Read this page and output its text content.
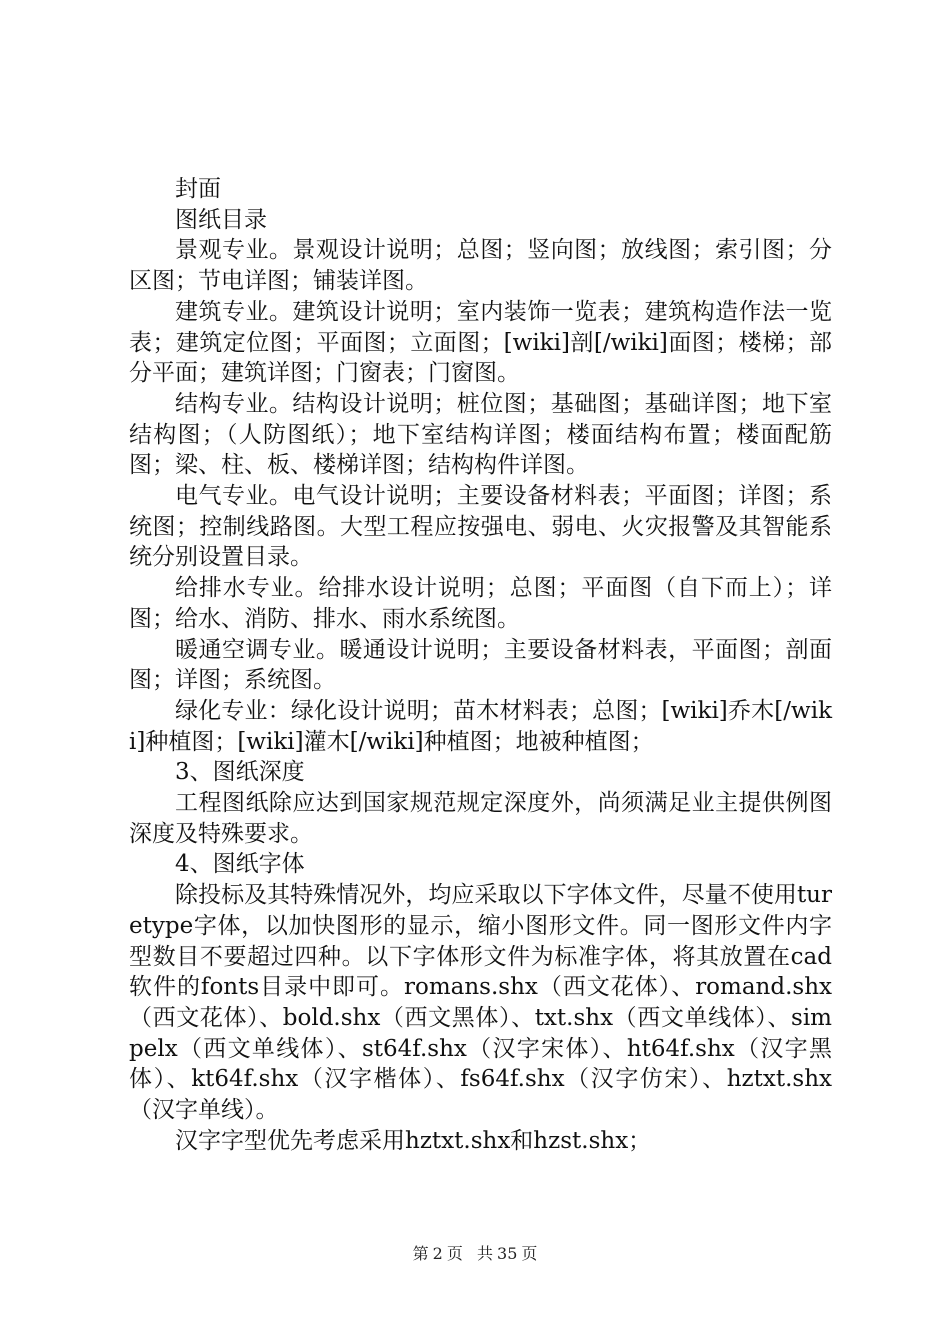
封面

图纸目录

景观专业。景观设计说明；总图；竖向图；放线图；索引图；分区图；节电详图；铺装详图。

建筑专业。建筑设计说明；室内装饰一览表；建筑构造作法一览表；建筑定位图；平面图；立面图；[wiki]剖[/wiki]面图；楼梯；部分平面；建筑详图；门窗表；门窗图。

结构专业。结构设计说明；桩位图；基础图；基础详图；地下室结构图；（人防图纸）；地下室结构详图；楼面结构布置；楼面配筋图；梁、柱、板、楼梯详图；结构构件详图。

电气专业。电气设计说明；主要设备材料表；平面图；详图；系统图；控制线路图。大型工程应按强电、弱电、火灾报警及其智能系统分别设置目录。

给排水专业。给排水设计说明；总图；平面图（自下而上）；详图；给水、消防、排水、雨水系统图。

暖通空调专业。暖通设计说明；主要设备材料表，平面图；剖面图；详图；系统图。

绿化专业：绿化设计说明；苗木材料表；总图；[wiki]乔木[/wiki]种植图；[wiki]灌木[/wiki]种植图；地被种植图；

3、图纸深度

工程图纸除应达到国家规范规定深度外，尚须满足业主提供例图深度及特殊要求。

4、图纸字体

除投标及其特殊情况外，均应采取以下字体文件，尽量不使用turetype字体，以加快图形的显示，缩小图形文件。同一图形文件内字型数目不要超过四种。以下字体形文件为标准字体，将其放置在cad软件的fonts目录中即可。romans.shx（西文花体）、romand.shx（西文花体）、bold.shx（西文黑体）、txt.shx（西文单线体）、simpelx（西文单线体）、st64f.shx（汉字宋体）、ht64f.shx（汉字黑体）、kt64f.shx（汉字楷体）、fs64f.shx（汉字仿宋）、hztxt.shx（汉字单线）。

汉字字型优先考虑采用hztxt.shx和hzst.shx；

第 2 页 共 35 页
